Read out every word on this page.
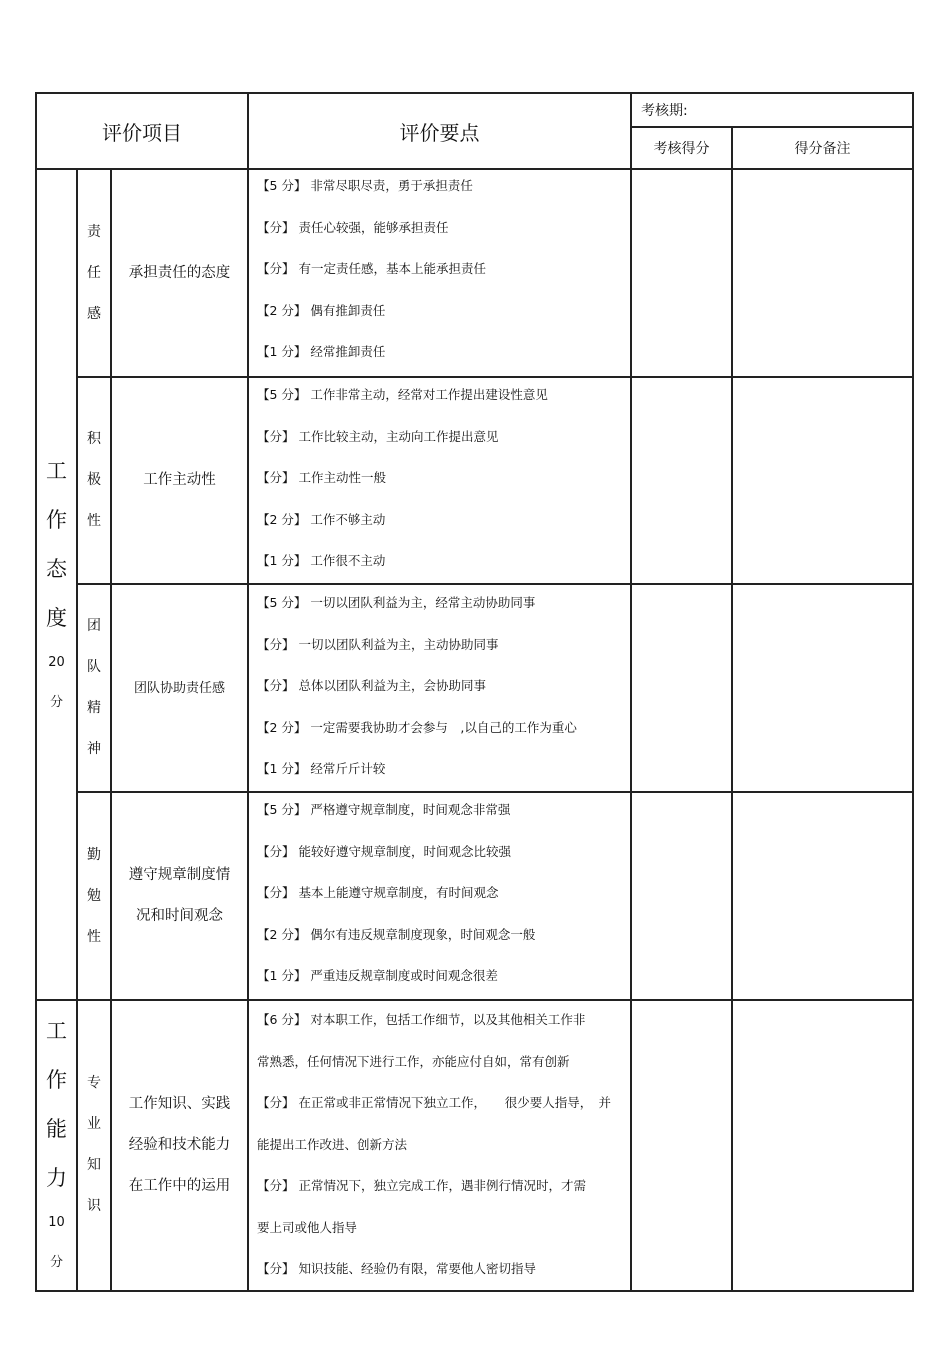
评价项目	评价要点
考核期:
考核得分	得分备注
工
作
态
度
20
分
责
任
感
承担责任的态度
【5 分】 非常尽职尽责，勇于承担责任
【分】 责任心较强，能够承担责任
【分】 有一定责任感，基本上能承担责任
【2 分】 偶有推卸责任
【1 分】 经常推卸责任
积
极
性
工作主动性
【5 分】 工作非常主动，经常对工作提出建设性意见
【分】 工作比较主动，主动向工作提出意见
【分】 工作主动性一般
【2 分】 工作不够主动
【1 分】 工作很不主动
团
队
精
神
团队协助责任感
【5 分】 一切以团队利益为主，经常主动协助同事
【分】 一切以团队利益为主，主动协助同事
【分】 总体以团队利益为主，会协助同事
【2 分】 一定需要我协助才会参与　,以自己的工作为重心
【1 分】 经常斤斤计较
勤
勉
性
遵守规章制度情
况和时间观念
【5 分】 严格遵守规章制度，时间观念非常强
【分】 能较好遵守规章制度，时间观念比较强
【分】 基本上能遵守规章制度，有时间观念
【2 分】 偶尔有违反规章制度现象，时间观念一般
【1 分】 严重违反规章制度或时间观念很差
工
作
能
力
10
分
专
业
知
识
工作知识、实践
经验和技术能力
在工作中的运用
【6 分】 对本职工作，包括工作细节，以及其他相关工作非
常熟悉，任何情况下进行工作，亦能应付自如，常有创新
【分】 在正常或非正常情况下独立工作，　　很少要人指导，　并
能提出工作改进、创新方法
【分】 正常情况下，独立完成工作，遇非例行情况时，才需
要上司或他人指导
【分】 知识技能、经验仍有限，常要他人密切指导
